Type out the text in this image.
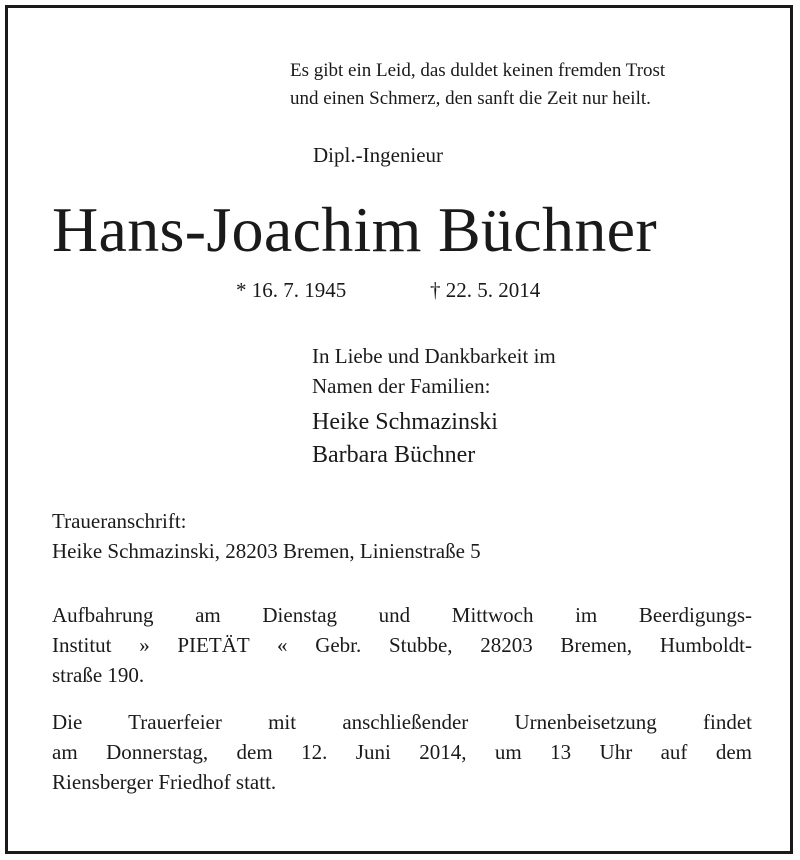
Es gibt ein Leid, das duldet keinen fremden Trost
und einen Schmerz, den sanft die Zeit nur heilt.
Dipl.-Ingenieur
Hans-Joachim Büchner
* 16. 7. 1945	† 22. 5. 2014
In Liebe und Dankbarkeit im
Namen der Familien:
Heike Schmazinski
Barbara Büchner
Traueranschrift:
Heike Schmazinski, 28203 Bremen, Linienstraße 5
Aufbahrung am Dienstag und Mittwoch im Beerdigungs-
Institut » PIETÄT « Gebr. Stubbe, 28203 Bremen, Humboldt-
straße 190.
Die Trauerfeier mit anschließender Urnenbeisetzung findet
am Donnerstag, dem 12. Juni 2014, um 13 Uhr auf dem
Riensberger Friedhof statt.
